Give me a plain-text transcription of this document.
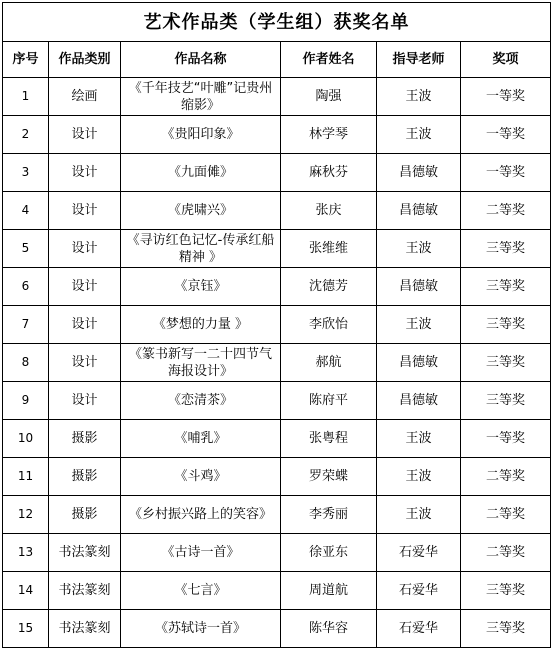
艺术作品类（学生组）获奖名单					
序号	作品类别	作品名称	作者姓名	指导老师	奖项
1	绘画	《千年技艺“叶雕”记贵州缩影》	陶强	王波	一等奖
2	设计	《贵阳印象》	林学琴	王波	一等奖
3	设计	《九面傩》	麻秋芬	昌德敏	一等奖
4	设计	《虎啸兴》	张庆	昌德敏	二等奖
5	设计	《寻访红色记忆-传承红船精神 》	张维维	王波	三等奖
6	设计	《京钰》	沈德芳	昌德敏	三等奖
7	设计	《梦想的力量 》	李欣怡	王波	三等奖
8	设计	《篆书新写一二十四节气海报设计》	郝航	昌德敏	三等奖
9	设计	《恋清茶》	陈府平	昌德敏	三等奖
10	摄影	《哺乳》	张粤程	王波	一等奖
11	摄影	《斗鸡》	罗荣蝶	王波	二等奖
12	摄影	《乡村振兴路上的笑容》	李秀丽	王波	二等奖
13	书法篆刻	《古诗一首》	徐亚东	石爱华	二等奖
14	书法篆刻	《七言》	周道航	石爱华	三等奖
15	书法篆刻	《苏轼诗一首》	陈华容	石爱华	三等奖
